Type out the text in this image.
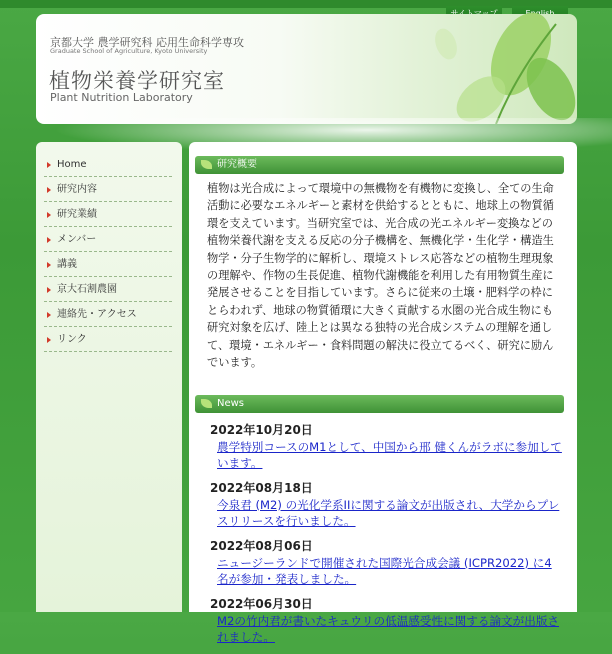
京都大学 農学研究科 応用生命科学専攻
Graduate School of Agriculture, Kyoto University
植物栄養学研究室
Plant Nutrition Laboratory
Home
研究内容
研究業績
メンバー
講義
京大石割農園
連絡先・アクセス
リンク
研究概要
植物は光合成によって環境中の無機物を有機物に変換し、全ての生命活動に必要なエネルギーと素材を供給するとともに、地球上の物質循環を支えています。当研究室では、光合成の光エネルギー変換などの植物栄養代謝を支える反応の分子機構を、無機化学・生化学・構造生物学・分子生物学的に解析し、環境ストレス応答などの植物生理現象の理解や、作物の生長促進、植物代謝機能を利用した有用物質生産に発展させることを目指しています。さらに従来の土壌・肥料学の枠にとらわれず、地球の物質循環に大きく貢献する水圏の光合成生物にも研究対象を広げ、陸上とは異なる独特の光合成システムの理解を通して、環境・エネルギー・食料問題の解決に役立てるべく、研究に励んでいます。
News
2022年10月20日
農学特別コースのM1として、中国から邢 健くんがラボに参加しています。
2022年08月18日
今泉君 (M2) の光化学系IIに関する論文が出版され、大学からプレスリリースを行いました。
2022年08月06日
ニュージーランドで開催された国際光合成会議 (ICPR2022) に4名が参加・発表しました。
2022年06月30日
M2の竹内君が書いたキュウリの低温感受性に関する論文が出版されました。
